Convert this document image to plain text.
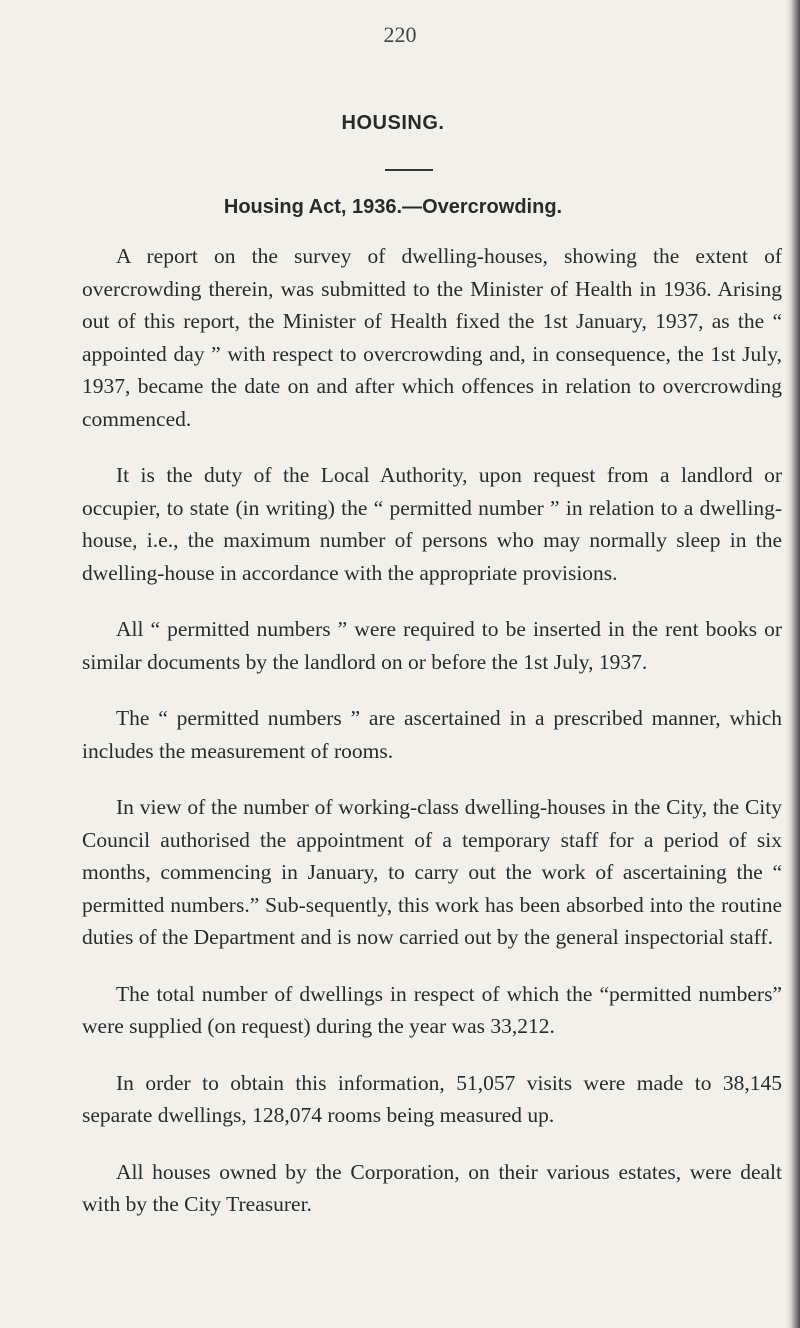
220
HOUSING.
Housing Act, 1936.—Overcrowding.

A report on the survey of dwelling-houses, showing the extent of overcrowding therein, was submitted to the Minister of Health in 1936. Arising out of this report, the Minister of Health fixed the 1st January, 1937, as the “ appointed day ” with respect to overcrowding and, in consequence, the 1st July, 1937, became the date on and after which offences in relation to overcrowding commenced.

It is the duty of the Local Authority, upon request from a landlord or occupier, to state (in writing) the “ permitted number ” in relation to a dwelling-house, i.e., the maximum number of persons who may normally sleep in the dwelling-house in accordance with the appropriate provisions.

All “ permitted numbers ” were required to be inserted in the rent books or similar documents by the landlord on or before the 1st July, 1937.

The “ permitted numbers ” are ascertained in a prescribed manner, which includes the measurement of rooms.

In view of the number of working-class dwelling-houses in the City, the City Council authorised the appointment of a temporary staff for a period of six months, commencing in January, to carry out the work of ascertaining the “ permitted numbers.” Sub-sequently, this work has been absorbed into the routine duties of the Department and is now carried out by the general inspectorial staff.

The total number of dwellings in respect of which the “permitted numbers” were supplied (on request) during the year was 33,212.

In order to obtain this information, 51,057 visits were made to 38,145 separate dwellings, 128,074 rooms being measured up.

All houses owned by the Corporation, on their various estates, were dealt with by the City Treasurer.
